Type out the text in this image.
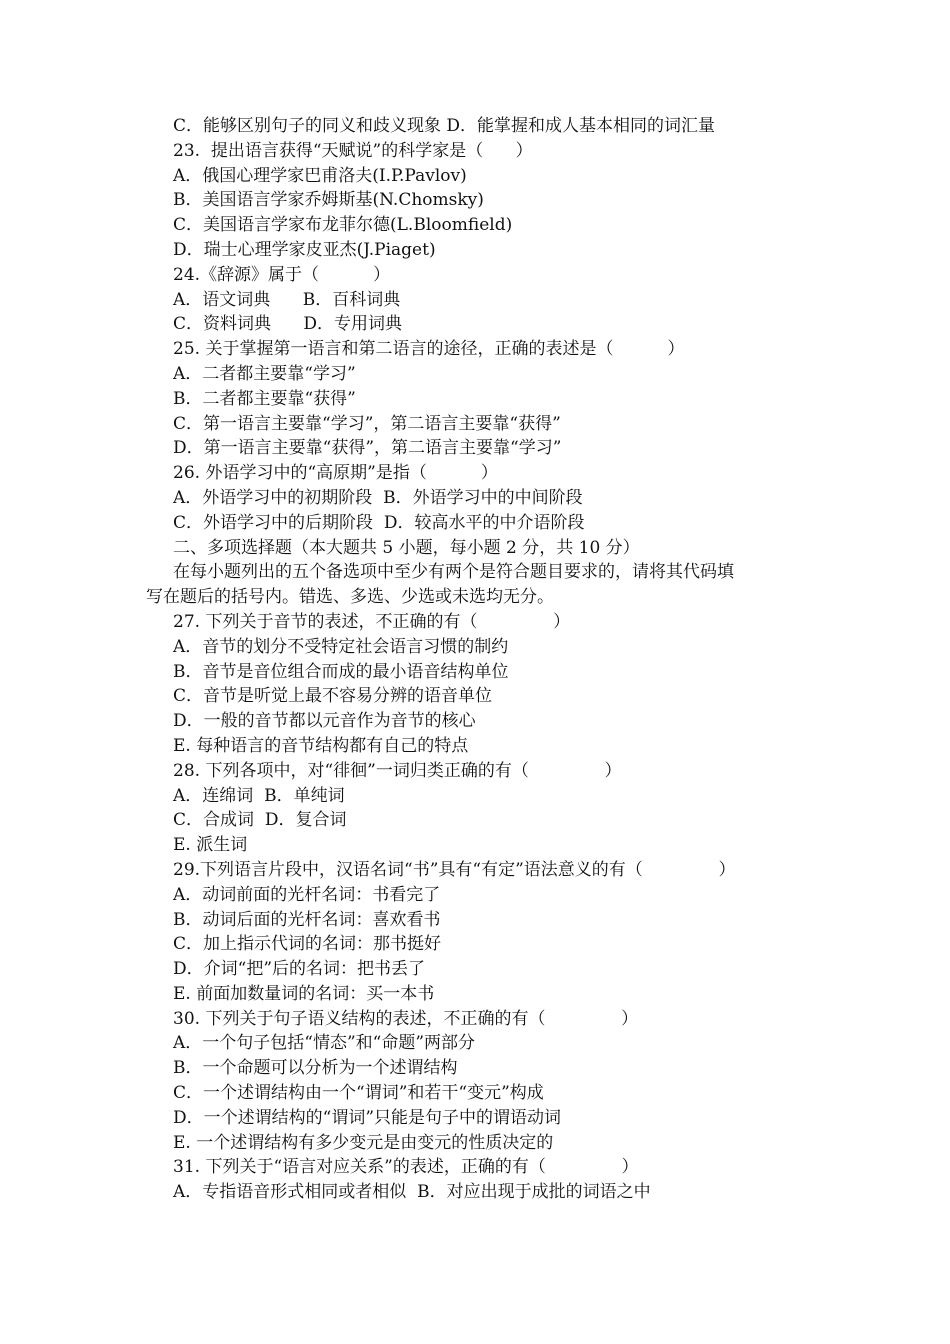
C．能够区别句子的同义和歧义现象 D．能掌握和成人基本相同的词汇量
23.  提出语言获得“天赋说”的科学家是（      ）
A．俄国心理学家巴甫洛夫(I.P.Pavlov)
B．美国语言学家乔姆斯基(N.Chomsky)
C．美国语言学家布龙菲尔德(L.Bloomfield)
D．瑞士心理学家皮亚杰(J.Piaget)
24.《辞源》属于（          ）
A．语文词典      B．百科词典
C．资料词典      D．专用词典
25. 关于掌握第一语言和第二语言的途径，正确的表述是（          ）
A．二者都主要靠“学习”
B．二者都主要靠“获得”
C．第一语言主要靠“学习”，第二语言主要靠“获得”
D．第一语言主要靠“获得”，第二语言主要靠“学习”
26. 外语学习中的“高原期”是指（          ）
A．外语学习中的初期阶段  B．外语学习中的中间阶段
C．外语学习中的后期阶段  D．较高水平的中介语阶段
二、多项选择题（本大题共 5 小题，每小题 2 分，共 10 分）
在每小题列出的五个备选项中至少有两个是符合题目要求的，请将其代码填
写在题后的括号内。错选、多选、少选或未选均无分。
27. 下列关于音节的表述，不正确的有（              ）
A．音节的划分不受特定社会语言习惯的制约
B．音节是音位组合而成的最小语音结构单位
C．音节是听觉上最不容易分辨的语音单位
D．一般的音节都以元音作为音节的核心
E. 每种语言的音节结构都有自己的特点
28. 下列各项中，对“徘徊”一词归类正确的有（              ）
A．连绵词  B．单纯词
C．合成词  D．复合词
E. 派生词
29.下列语言片段中，汉语名词“书”具有“有定”语法意义的有（              ）
A．动词前面的光杆名词：书看完了
B．动词后面的光杆名词：喜欢看书
C．加上指示代词的名词：那书挺好
D．介词“把”后的名词：把书丢了
E. 前面加数量词的名词：买一本书
30. 下列关于句子语义结构的表述，不正确的有（              ）
A．一个句子包括“情态”和“命题”两部分
B．一个命题可以分析为一个述谓结构
C．一个述谓结构由一个“谓词”和若干“变元”构成
D．一个述谓结构的“谓词”只能是句子中的谓语动词
E. 一个述谓结构有多少变元是由变元的性质决定的
31. 下列关于“语言对应关系”的表述，正确的有（              ）
A．专指语音形式相同或者相似  B．对应出现于成批的词语之中
